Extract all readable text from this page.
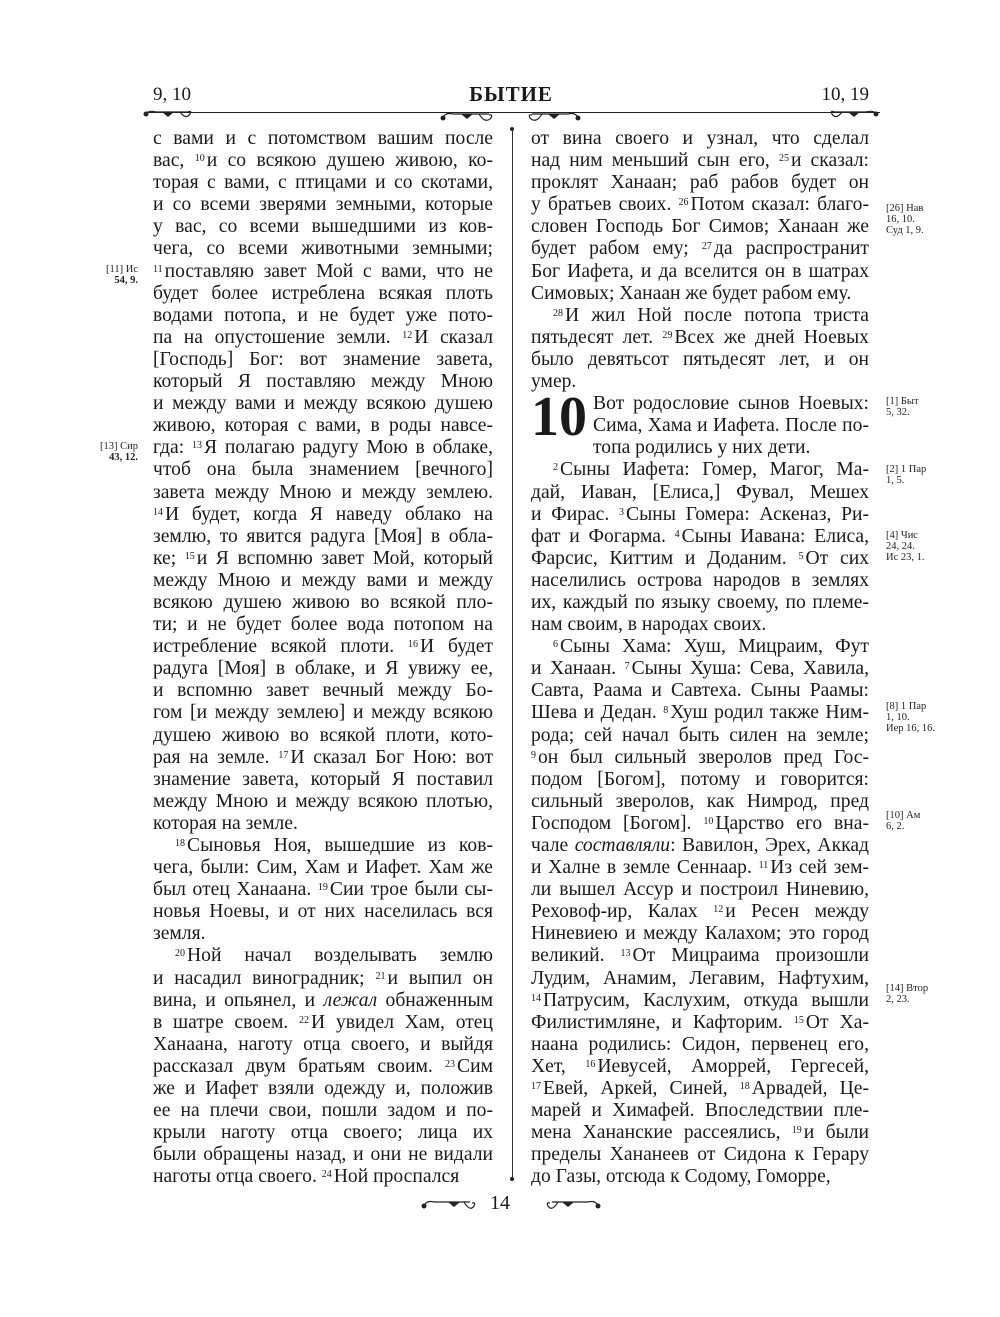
9, 10	БЫТИЕ	10, 19
с вами и с потомством вашим после
вас, $^{10}$ и со всякою душею живою, ко-
торая с вами, с птицами и со скотами,
и со всеми зверями земными, которые
у вас, со всеми вышедшими из ков-
чега, со всеми животными земными;
$^{11}$ поставляю завет Мой с вами, что не
будет более истреблена всякая плоть
водами потопа, и не будет уже пото-
па на опустошение земли. $^{12}$ И сказал
[Господь] Бог: вот знамение завета,
который Я поставляю между Мною
и между вами и между всякою душею
живою, которая с вами, в роды навсе-
гда: $^{13}$ Я полагаю радугу Мою в облаке,
чтоб она была знамением [вечного]
завета между Мною и между землею.
$^{14}$ И будет, когда Я наведу облако на
землю, то явится радуга [Моя] в обла-
ке; $^{15}$ и Я вспомню завет Мой, который
между Мною и между вами и между
всякою душею живою во всякой пло-
ти; и не будет более вода потопом на
истребление всякой плоти. $^{16}$ И будет
радуга [Моя] в облаке, и Я увижу ее,
и вспомню завет вечный между Бо-
гом [и между землею] и между всякою
душею живою во всякой плоти, кото-
рая на земле. $^{17}$ И сказал Бог Ною: вот
знамение завета, который Я поставил
между Мною и между всякою плотью,
которая на земле.
$^{18}$ Сыновья Ноя, вышедшие из ков-
чега, были: Сим, Хам и Иафет. Хам же
был отец Ханаана. $^{19}$ Сии трое были сы-
новья Ноевы, и от них населилась вся
земля.
$^{20}$ Ной начал возделывать землю
и насадил виноградник; $^{21}$ и выпил он
вина, и опьянел, и лежал обнаженным
в шатре своем. $^{22}$ И увидел Хам, отец
Ханаана, наготу отца своего, и выйдя
рассказал двум братьям своим. $^{23}$ Сим
же и Иафет взяли одежду и, положив
ее на плечи свои, пошли задом и по-
крыли наготу отца своего; лица их
были обращены назад, и они не видали
наготы отца своего. $^{24}$ Ной проспался
от вина своего и узнал, что сделал
над ним меньший сын его, $^{25}$ и сказал:
проклят Ханаан; раб рабов будет он
у братьев своих. $^{26}$ Потом сказал: благо-
словен Господь Бог Симов; Ханаан же
будет рабом ему; $^{27}$ да распространит
Бог Иафета, и да вселится он в шатрах
Симовых; Ханаан же будет рабом ему.
$^{28}$ И жил Ной после потопа триста
пятьдесят лет. $^{29}$ Всех же дней Ноевых
было девятьсот пятьдесят лет, и он
умер.
10 Вот родословие сынов Ноевых:
Сима, Хама и Иафета. После по-
топа родились у них дети.
$^2$ Сыны Иафета: Гомер, Магог, Ма-
дай, Иаван, [Елиса,] Фувал, Мешех
и Фирас. $^3$ Сыны Гомера: Аскеназ, Ри-
фат и Фогарма. $^4$ Сыны Иавана: Елиса,
Фарсис, Киттим и Доданим. $^5$ От сих
населились острова народов в землях
их, каждый по языку своему, по племе-
нам своим, в народах своих.
$^6$ Сыны Хама: Хуш, Мицраим, Фут
и Ханаан. $^7$ Сыны Хуша: Сева, Хавила,
Савта, Раама и Савтеха. Сыны Раамы:
Шева и Дедан. $^8$ Хуш родил также Ним-
рода; сей начал быть силен на земле;
$^9$ он был сильный зверолов пред Гос-
подом [Богом], потому и говорится:
сильный зверолов, как Нимрод, пред
Господом [Богом]. $^{10}$ Царство его вна-
чале составляли: Вавилон, Эрех, Аккад
и Халне в земле Сеннаар. $^{11}$ Из сей зем-
ли вышел Ассур и построил Ниневию,
Реховоф-ир, Калах $^{12}$ и Ресен между
Ниневиею и между Калахом; это город
великий. $^{13}$ От Мицраима произошли
Лудим, Анамим, Легавим, Нафтухим,
$^{14}$ Патрусим, Каслухим, откуда вышли
Филистимляне, и Кафторим. $^{15}$ От Ха-
наана родились: Сидон, первенец его,
Хет, $^{16}$ Иевусей, Аморрей, Гергесей,
$^{17}$ Евей, Аркей, Синей, $^{18}$ Арвадей, Це-
марей и Химафей. Впоследствии пле-
мена Хананские рассеялись, $^{19}$ и были
пределы Хананеев от Сидона к Герару
до Газы, отсюда к Содому, Гоморре,
[11] Ис
54, 9.
[13] Сир
43, 12.
[26] Нав
16, 10.
Суд 1, 9.
[1] Быт
5, 32.
[2] 1 Пар
1, 5.
[4] Чис
24, 24.
Ис 23, 1.
[8] 1 Пар
1, 10.
Иер 16, 16.
[10] Ам
6, 2.
[14] Втор
2, 23.
14
